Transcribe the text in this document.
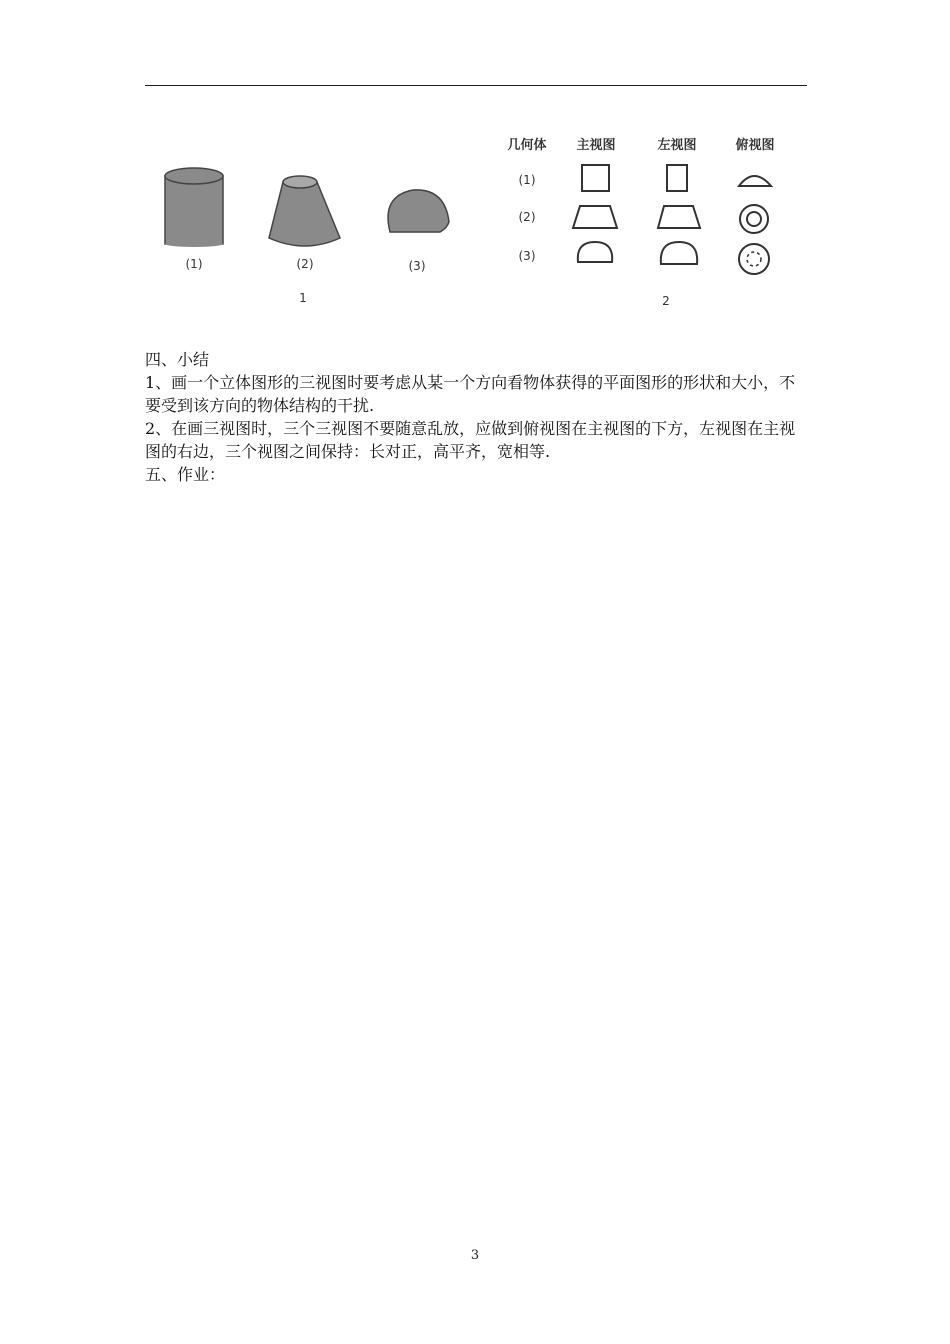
(1)	(2)	(3)
1
几何体 主视图	左视图	俯视图
(1)
(2)
(3)
2

四、小结

1、画一个立体图形的三视图时要考虑从某一个方向看物体获得的平面图形的形状和大小，不要受到该方向的物体结构的干扰.

2、在画三视图时，三个三视图不要随意乱放，应做到俯视图在主视图的下方，左视图在主视图的右边，三个视图之间保持：长对正，高平齐，宽相等.

五、作业：

3
